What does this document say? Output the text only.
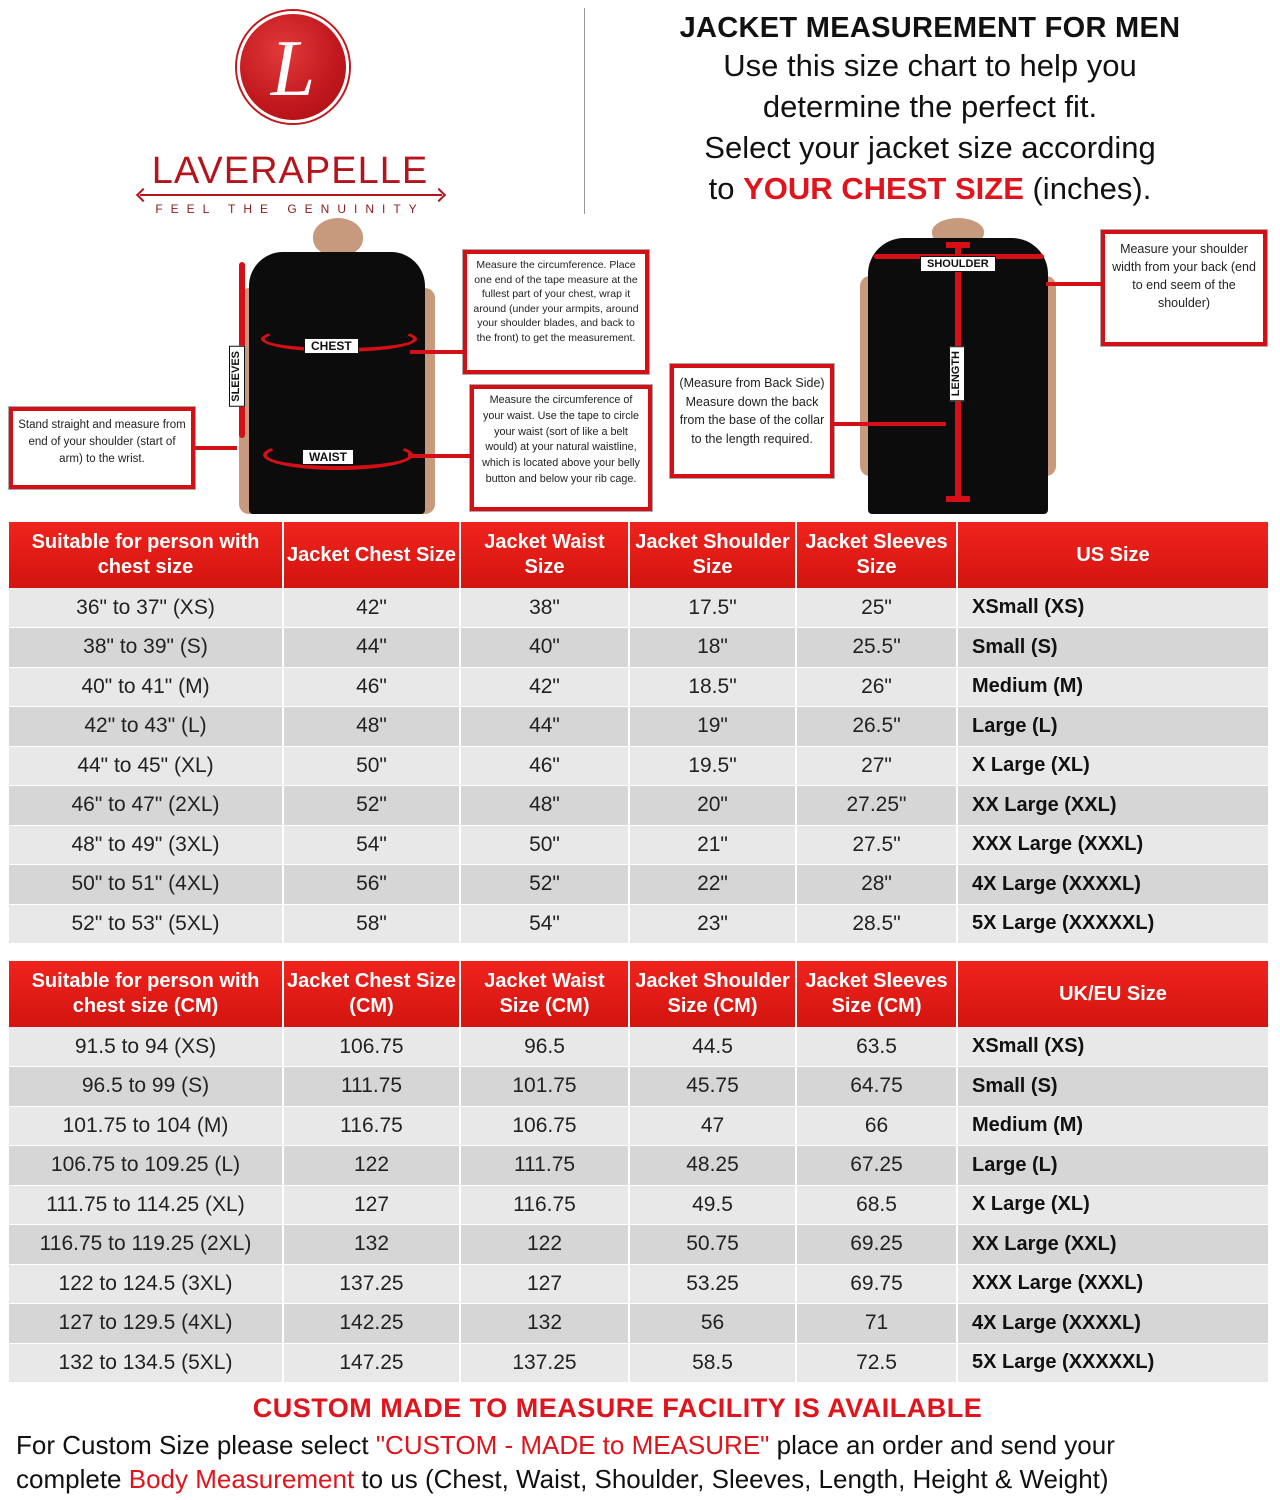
L
LAVERAPELLE
FEEL THE GENUINITY
JACKET MEASUREMENT FOR MEN
Use this size chart to help you
determine the perfect fit.
Select your jacket size according
to YOUR CHEST SIZE (inches).
CHEST
WAIST
SLEEVES
Measure the circumference. Place one end of the tape measure at the fullest part of your chest, wrap it around (under your armpits, around your shoulder blades, and back to the front) to get the measurement.
Measure the circumference of your waist. Use the tape to circle your waist (sort of like a belt would) at your natural waistline, which is located above your belly button and below your rib cage.
Stand straight and measure from end of your shoulder (start of arm) to the wrist.
SHOULDER
LENGTH
Measure your shoulder width from your back (end to end seem of the shoulder)
(Measure from Back Side) Measure down the back from the base of the collar to the length required.
Suitable for person with chest size	Jacket Chest Size	Jacket Waist Size	Jacket Shoulder Size	Jacket Sleeves Size	US Size
36" to 37" (XS)	42"	38"	17.5"	25"	XSmall (XS)
38" to 39" (S)	44"	40"	18"	25.5"	Small (S)
40" to 41" (M)	46"	42"	18.5"	26"	Medium (M)
42" to 43" (L)	48"	44"	19"	26.5"	Large (L)
44" to 45" (XL)	50"	46"	19.5"	27"	X Large (XL)
46" to 47" (2XL)	52"	48"	20"	27.25"	XX Large (XXL)
48" to 49" (3XL)	54"	50"	21"	27.5"	XXX Large (XXXL)
50" to 51" (4XL)	56"	52"	22"	28"	4X Large (XXXXL)
52" to 53" (5XL)	58"	54"	23"	28.5"	5X Large (XXXXXL)
Suitable for person with chest size (CM)	Jacket Chest Size (CM)	Jacket Waist Size (CM)	Jacket Shoulder Size (CM)	Jacket Sleeves Size (CM)	UK/EU Size
91.5 to 94 (XS)	106.75	96.5	44.5	63.5	XSmall (XS)
96.5 to 99 (S)	111.75	101.75	45.75	64.75	Small (S)
101.75 to 104 (M)	116.75	106.75	47	66	Medium (M)
106.75 to 109.25 (L)	122	111.75	48.25	67.25	Large (L)
111.75 to 114.25 (XL)	127	116.75	49.5	68.5	X Large (XL)
116.75 to 119.25 (2XL)	132	122	50.75	69.25	XX Large (XXL)
122 to 124.5 (3XL)	137.25	127	53.25	69.75	XXX Large (XXXL)
127 to 129.5 (4XL)	142.25	132	56	71	4X Large (XXXXL)
132 to 134.5 (5XL)	147.25	137.25	58.5	72.5	5X Large (XXXXXL)
CUSTOM MADE TO MEASURE FACILITY IS AVAILABLE
For Custom Size please select "CUSTOM - MADE to MEASURE" place an order and send your
complete Body Measurement to us (Chest, Waist, Shoulder, Sleeves, Length, Height & Weight)
